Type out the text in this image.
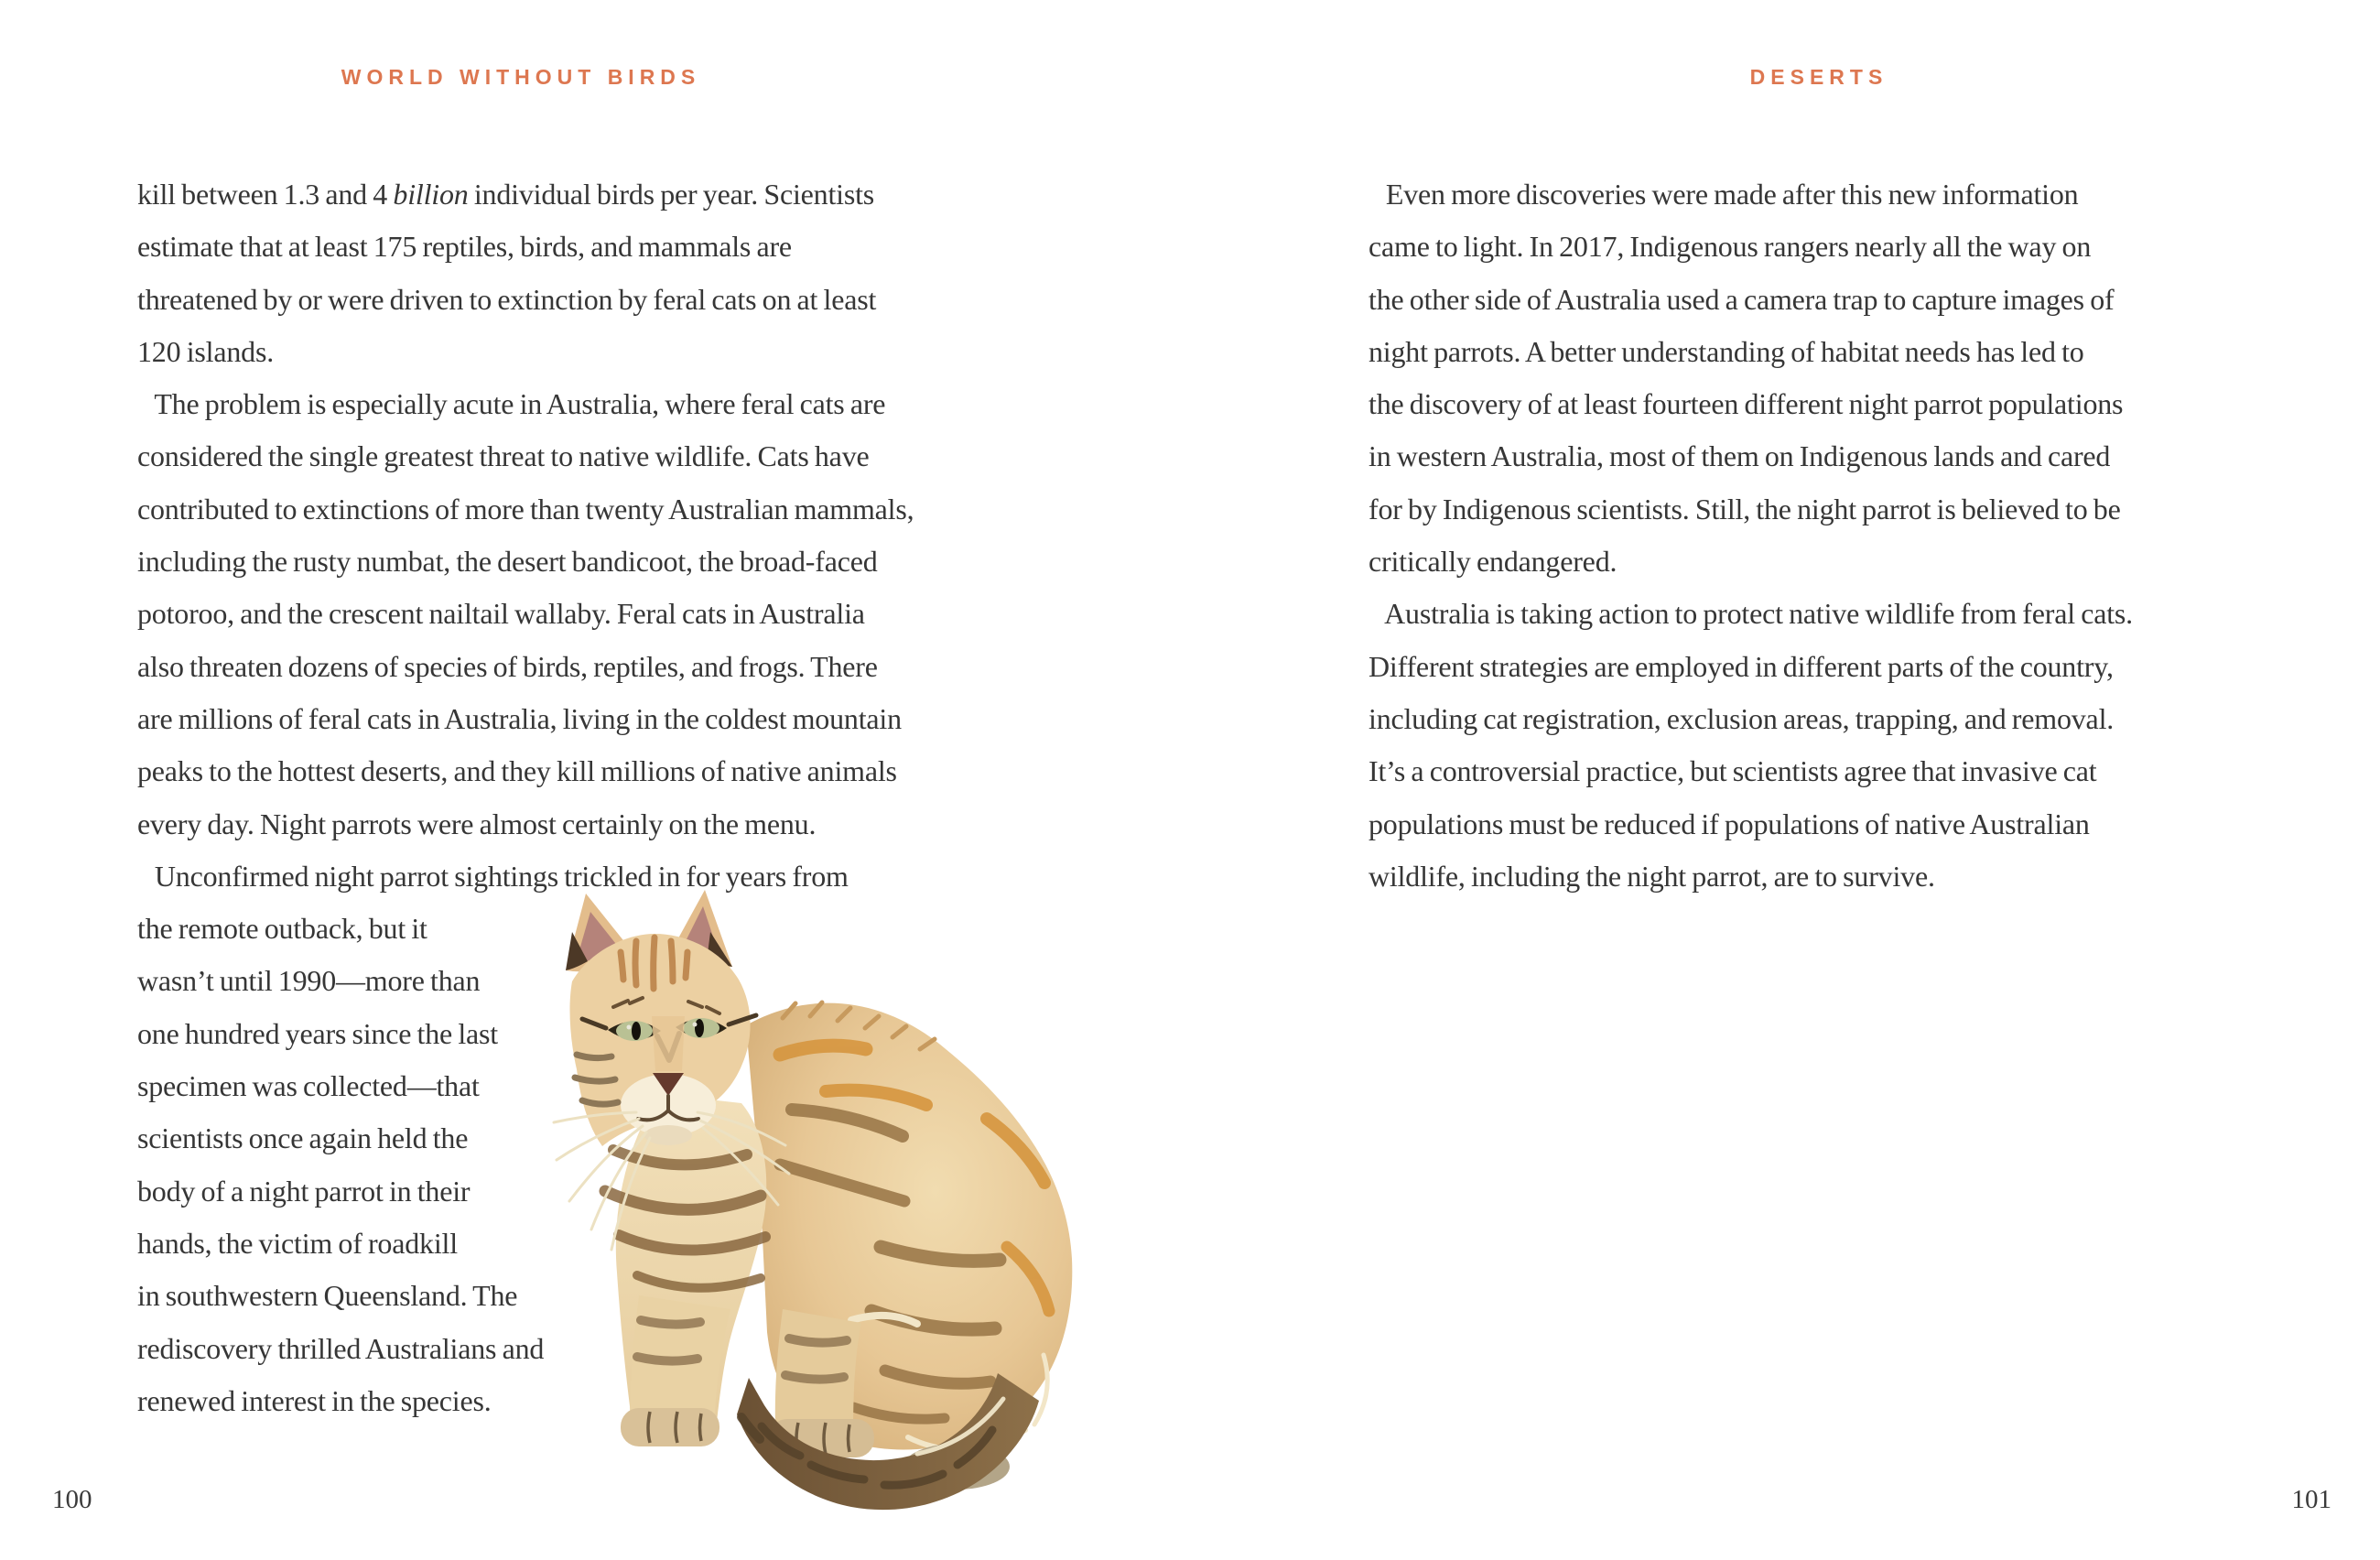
WORLD WITHOUT BIRDS
kill between 1.3 and 4 billion individual birds per year. Scientists
estimate that at least 175 reptiles, birds, and mammals are
threatened by or were driven to extinction by feral cats on at least
120 islands.
The problem is especially acute in Australia, where feral cats are
considered the single greatest threat to native wildlife. Cats have
contributed to extinctions of more than twenty Australian mammals,
including the rusty numbat, the desert bandicoot, the broad-faced
potoroo, and the crescent nailtail wallaby. Feral cats in Australia
also threaten dozens of species of birds, reptiles, and frogs. There
are millions of feral cats in Australia, living in the coldest mountain
peaks to the hottest deserts, and they kill millions of native animals
every day. Night parrots were almost certainly on the menu.
Unconfirmed night parrot sightings trickled in for years from
the remote outback, but it
wasn’t until 1990—more than
one hundred years since the last
specimen was collected—that
scientists once again held the
body of a night parrot in their
hands, the victim of roadkill
in southwestern Queensland. The
rediscovery thrilled Australians and
renewed interest in the species.
100
DESERTS
Even more discoveries were made after this new information
came to light. In 2017, Indigenous rangers nearly all the way on
the other side of Australia used a camera trap to capture images of
night parrots. A better understanding of habitat needs has led to
the discovery of at least fourteen different night parrot populations
in western Australia, most of them on Indigenous lands and cared
for by Indigenous scientists. Still, the night parrot is believed to be
critically endangered.
Australia is taking action to protect native wildlife from feral cats.
Different strategies are employed in different parts of the country,
including cat registration, exclusion areas, trapping, and removal.
It’s a controversial practice, but scientists agree that invasive cat
populations must be reduced if populations of native Australian
wildlife, including the night parrot, are to survive.
101
